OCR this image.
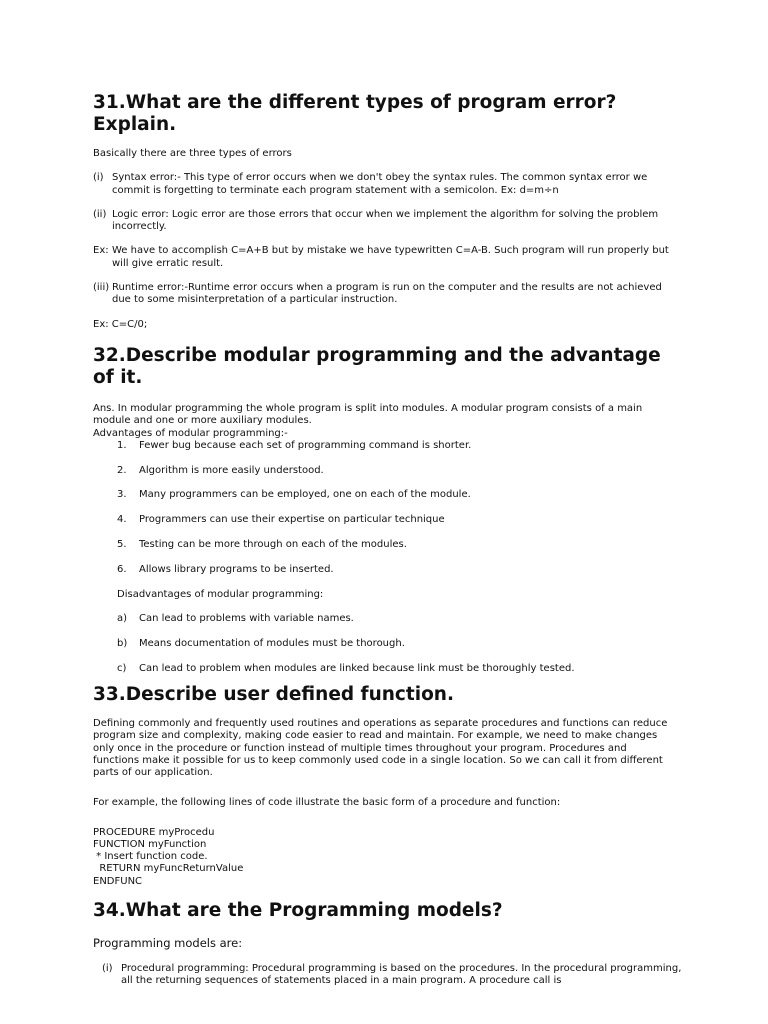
31.What are the different types of program error? Explain.

Basically there are three types of errors

(i) Syntax error:- This type of error occurs when we don't obey the syntax rules. The common syntax error we commit is forgetting to terminate each program statement with a semicolon. Ex: d=m÷n
(ii) Logic error: Logic error are those errors that occur when we implement the algorithm for solving the problem incorrectly.
Ex: We have to accomplish C=A+B but by mistake we have typewritten C=A-B. Such program will run properly but will give erratic result.
(iii) Runtime error:-Runtime error occurs when a program is run on the computer and the results are not achieved due to some misinterpretation of a particular instruction.

Ex: C=C/0;

32.Describe modular programming and the advantage of it.

Ans. In modular programming the whole program is split into modules. A modular program consists of a main module and one or more auxiliary modules.

Advantages of modular programming:-

1. Fewer bug because each set of programming command is shorter.
2. Algorithm is more easily understood.
3. Many programmers can be employed, one on each of the module.
4. Programmers can use their expertise on particular technique
5. Testing can be more through on each of the modules.
6. Allows library programs to be inserted.

Disadvantages of modular programming:

a) Can lead to problems with variable names.
b) Means documentation of modules must be thorough.
c) Can lead to problem when modules are linked because link must be thoroughly tested.
33.Describe user defined function.

Defining commonly and frequently used routines and operations as separate procedures and functions can reduce program size and complexity, making code easier to read and maintain. For example, we need to make changes only once in the procedure or function instead of multiple times throughout your program. Procedures and functions make it possible for us to keep commonly used code in a single location. So we can call it from different parts of our application.

For example, the following lines of code illustrate the basic form of a procedure and function:

PROCEDURE myProcedu

FUNCTION myFunction

* Insert function code.

RETURN myFuncReturnValue

ENDFUNC

34.What are the Programming models?

Programming models are:

(i) Procedural programming: Procedural programming is based on the procedures. In the procedural programming, all the returning sequences of statements placed in a main program. A procedure call is
